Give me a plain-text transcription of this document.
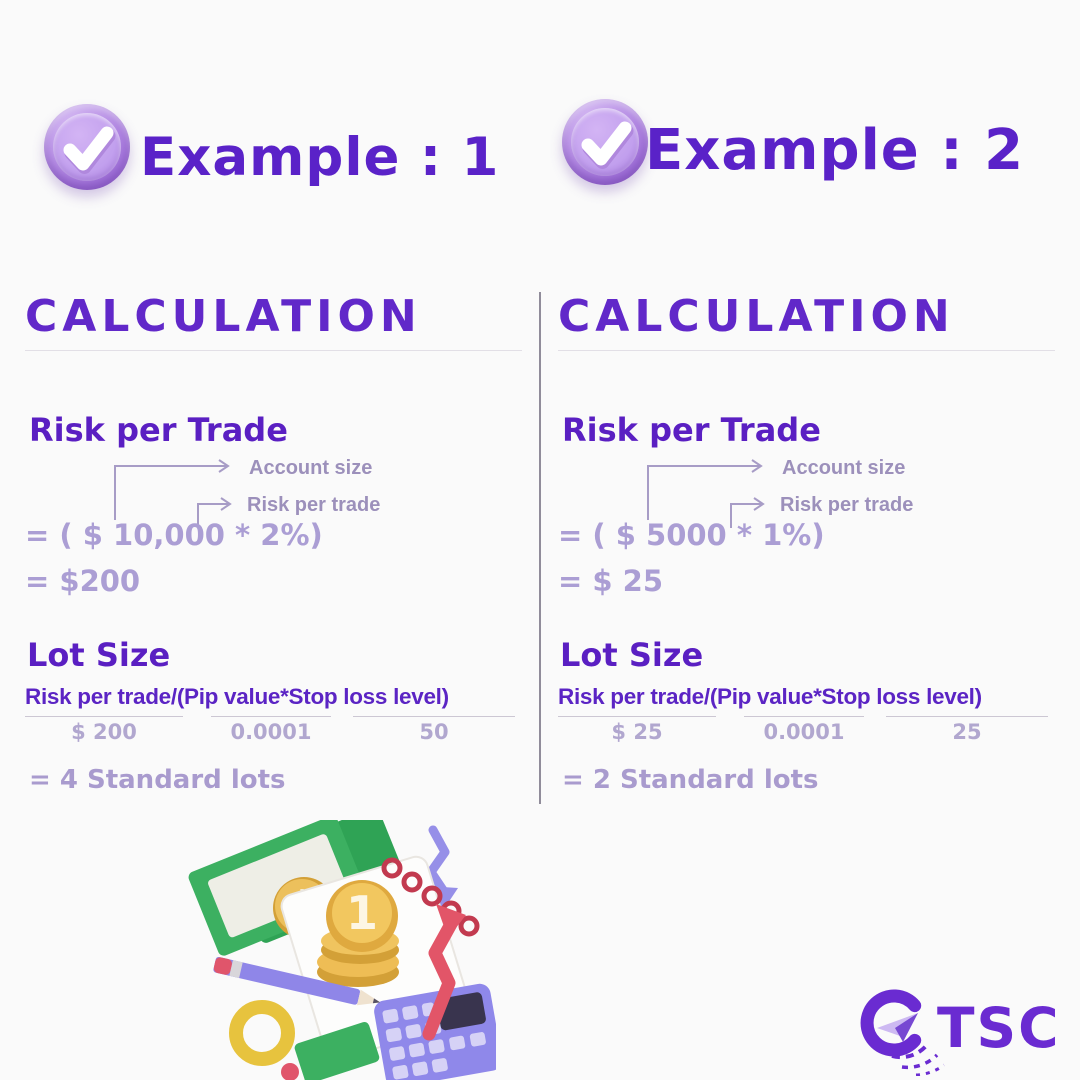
Example : 1	Example : 2
CALCULATION
Risk per Trade
Account size
Risk per trade
= ( $ 10,000 * 2%)
= $200
Lot Size
Risk per trade/(Pip value*Stop loss level)
$ 200	0.0001	50
= 4 Standard lots
CALCULATION
Risk per Trade
Account size
Risk per trade
= ( $ 5000 * 1%)
= $ 25
Lot Size
Risk per trade/(Pip value*Stop loss level)
$ 25	0.0001	25
= 2 Standard lots
1
TSC
